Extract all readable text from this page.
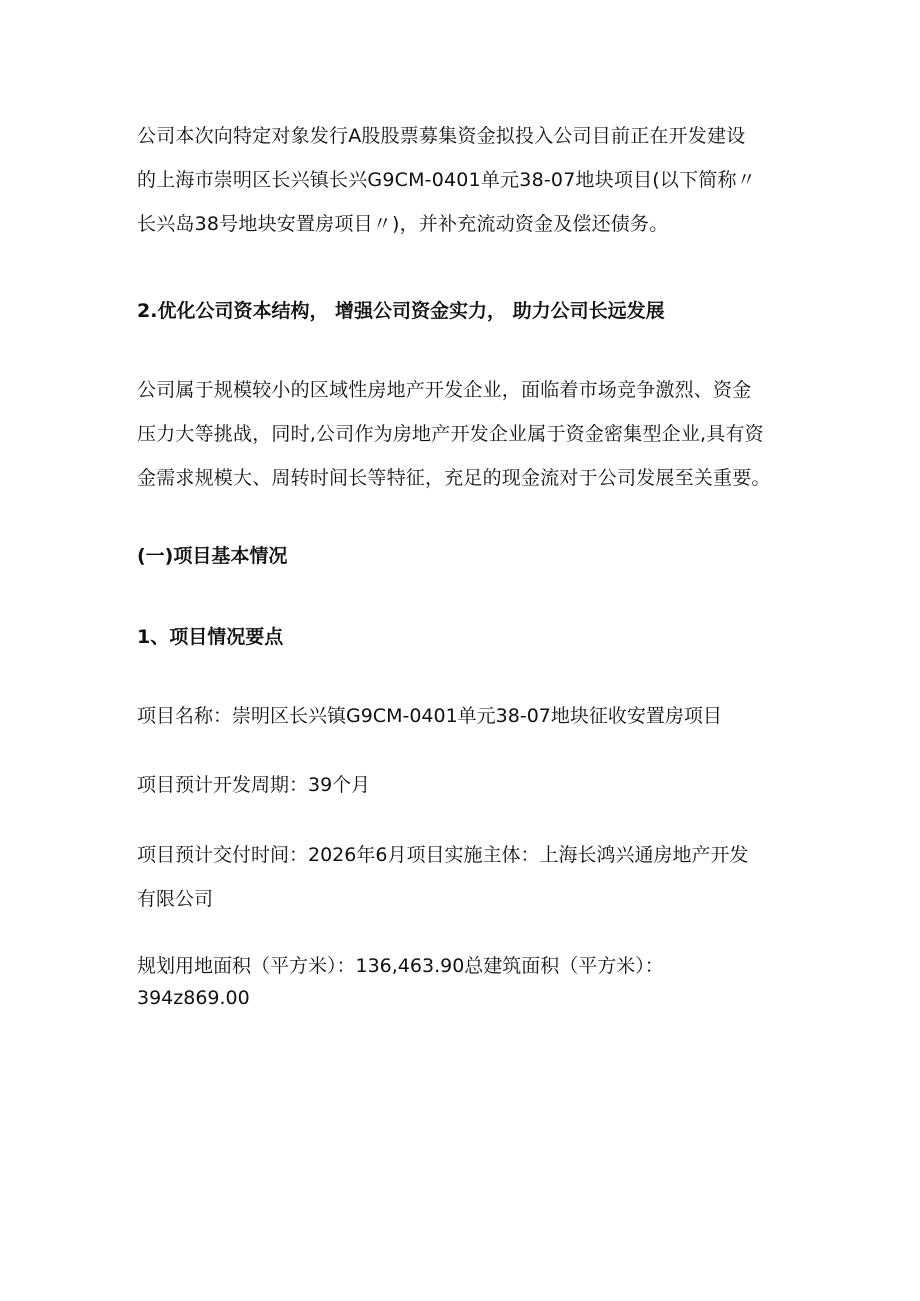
公司本次向特定对象发行A股股票募集资金拟投入公司目前正在开发建设
的上海市崇明区长兴镇长兴G9CM-0401单元38-07地块项目(以下简称〃
长兴岛38号地块安置房项目〃)，并补充流动资金及偿还债务。

2.优化公司资本结构， 增强公司资金实力， 助力公司长远发展

公司属于规模较小的区域性房地产开发企业，面临着市场竞争激烈、资金
压力大等挑战，同时,公司作为房地产开发企业属于资金密集型企业,具有资
金需求规模大、周转时间长等特征，充足的现金流对于公司发展至关重要。

(一)项目基本情况
1、项目情况要点

项目名称：崇明区长兴镇G9CM-0401单元38-07地块征收安置房项目

项目预计开发周期：39个月

项目预计交付时间：2026年6月项目实施主体：上海长鸿兴通房地产开发
有限公司

规划用地面积（平方米）：136,463.90总建筑面积（平方米）：
394z869.00
